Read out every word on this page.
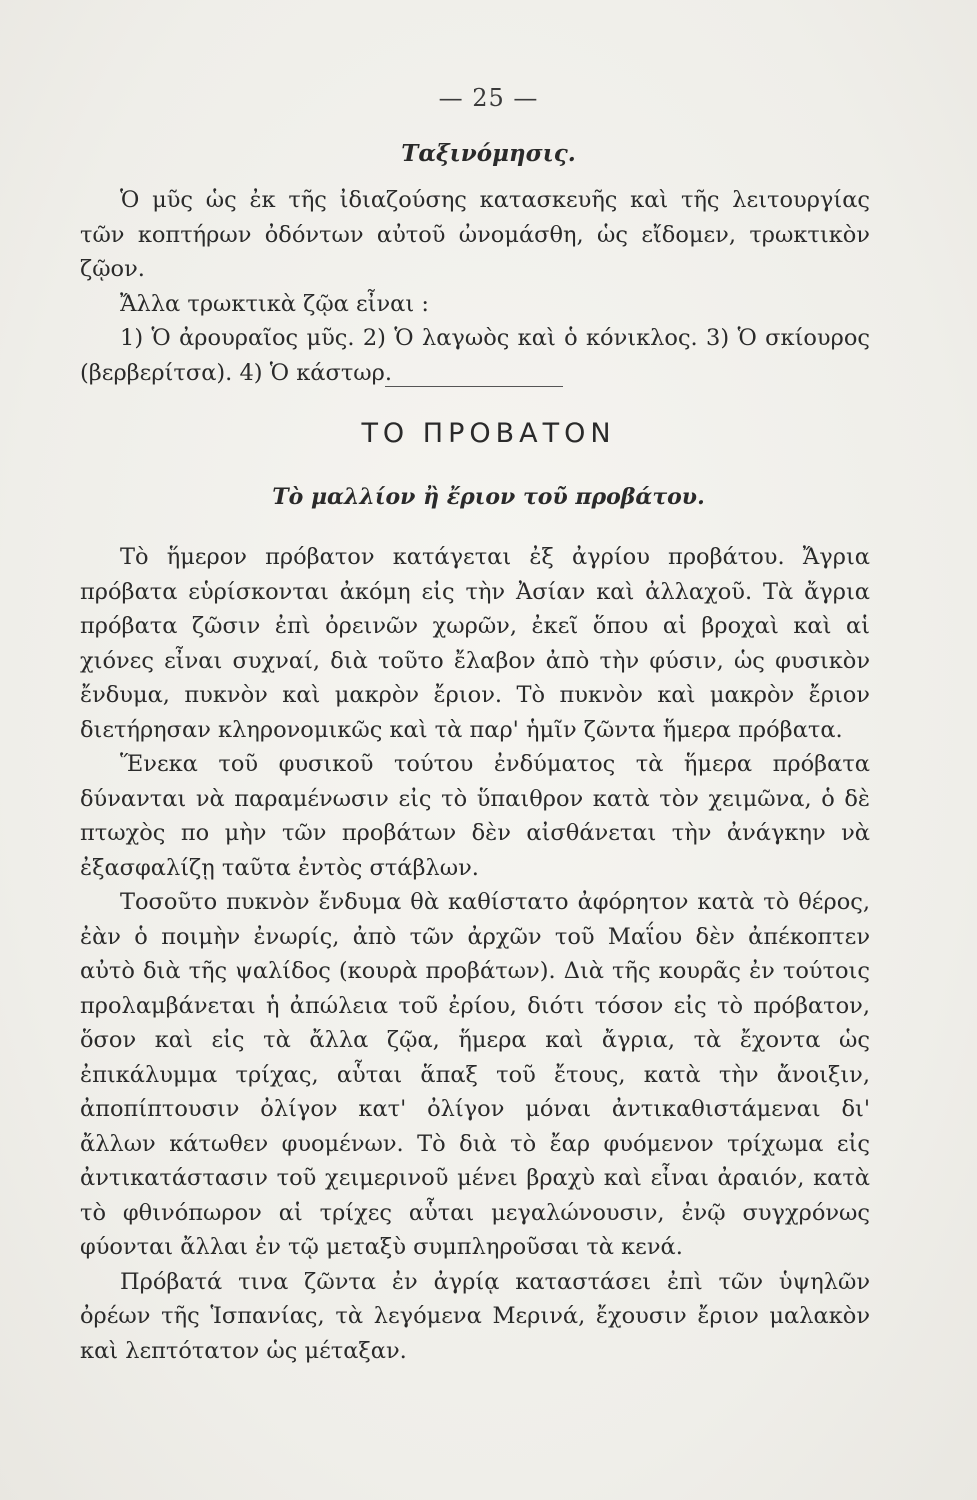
— 25 —
Ταξινόμησις.

Ὁ μῦς ὡς ἐκ τῆς ἰδιαζούσης κατασκευῆς καὶ τῆς λειτουργίας τῶν κοπτήρων ὀδόντων αὐτοῦ ὠνομάσθη, ὡς εἴδομεν, τρωκτικὸν ζῷον.

Ἄλλα τρωκτικὰ ζῷα εἶναι :

1) Ὁ ἀρουραῖος μῦς. 2) Ὁ λαγωὸς καὶ ὁ κόνικλος. 3) Ὁ σκίουρος (βερβερίτσα). 4) Ὁ κάστωρ.

ΤΟ ΠΡΟΒΑΤΟΝ
Τὸ μαλλίον ἢ ἔριον τοῦ προβάτου.

Τὸ ἥμερον πρόβατον κατάγεται ἐξ ἀγρίου προβάτου. Ἄγρια πρόβατα εὑρίσκονται ἀκόμη εἰς τὴν Ἀσίαν καὶ ἀλλαχοῦ. Τὰ ἄγρια πρόβατα ζῶσιν ἐπὶ ὀρεινῶν χωρῶν, ἐκεῖ ὅπου αἱ βροχαὶ καὶ αἱ χιόνες εἶναι συχναί, διὰ τοῦτο ἔλαβον ἀπὸ τὴν φύσιν, ὡς φυσικὸν ἔνδυμα, πυκνὸν καὶ μακρὸν ἔριον. Τὸ πυκνὸν καὶ μακρὸν ἔριον διετήρησαν κληρονομικῶς καὶ τὰ παρ' ἡμῖν ζῶντα ἥμερα πρόβατα.

Ἕνεκα τοῦ φυσικοῦ τούτου ἐνδύματος τὰ ἥμερα πρόβατα δύνανται νὰ παραμένωσιν εἰς τὸ ὕπαιθρον κατὰ τὸν χειμῶνα, ὁ δὲ πτωχὸς πο μὴν τῶν προβάτων δὲν αἰσθάνεται τὴν ἀνάγκην νὰ ἐξασφαλίζῃ ταῦτα ἐντὸς στάβλων.

Τοσοῦτο πυκνὸν ἔνδυμα θὰ καθίστατο ἀφόρητον κατὰ τὸ θέρος, ἐὰν ὁ ποιμὴν ἐνωρίς, ἀπὸ τῶν ἀρχῶν τοῦ Μαΐου δὲν ἀπέκοπτεν αὐτὸ διὰ τῆς ψαλίδος (κουρὰ προβάτων). Διὰ τῆς κουρᾶς ἐν τούτοις προλαμβάνεται ἡ ἀπώλεια τοῦ ἐρίου, διότι τόσον εἰς τὸ πρόβατον, ὅσον καὶ εἰς τὰ ἄλλα ζῷα, ἥμερα καὶ ἄγρια, τὰ ἔχοντα ὡς ἐπικάλυμμα τρίχας, αὗται ἅπαξ τοῦ ἔτους, κατὰ τὴν ἄνοιξιν, ἀποπίπτουσιν ὀλίγον κατ' ὀλίγον μόναι ἀντικαθιστάμεναι δι' ἄλλων κάτωθεν φυομένων. Τὸ διὰ τὸ ἔαρ φυόμενον τρίχωμα εἰς ἀντικατάστασιν τοῦ χειμερινοῦ μένει βραχὺ καὶ εἶναι ἀραιόν, κατὰ τὸ φθινόπωρον αἱ τρίχες αὗται μεγαλώνουσιν, ἐνῷ συγχρόνως φύονται ἄλλαι ἐν τῷ μεταξὺ συμπληροῦσαι τὰ κενά.

Πρόβατά τινα ζῶντα ἐν ἀγρίᾳ καταστάσει ἐπὶ τῶν ὑψηλῶν ὀρέων τῆς Ἱσπανίας, τὰ λεγόμενα Μερινά, ἔχουσιν ἔριον μαλακὸν καὶ λεπτότατον ὡς μέταξαν.
